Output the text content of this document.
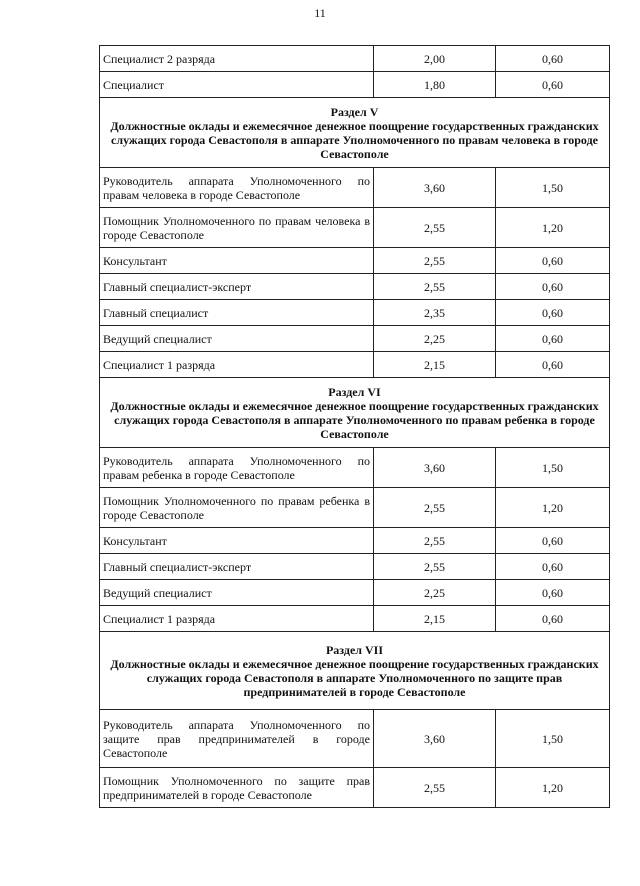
11
Специалист 2 разряда	2,00	0,60
Специалист	1,80	0,60

Раздел V
Должностные оклады и ежемесячное денежное поощрение государственных гражданских служащих города Севастополя в аппарате Уполномоченного по правам человека в городе Севастополе		

Руководитель аппарата Уполномоченного по правам человека в городе Севастополе	3,60	1,50
Помощник Уполномоченного по правам человека в городе Севастополе	2,55	1,20
Консультант	2,55	0,60
Главный специалист-эксперт	2,55	0,60
Главный специалист	2,35	0,60
Ведущий специалист	2,25	0,60
Специалист 1 разряда	2,15	0,60

Раздел VI
Должностные оклады и ежемесячное денежное поощрение государственных гражданских служащих города Севастополя в аппарате Уполномоченного по правам ребенка в городе Севастополе		

Руководитель аппарата Уполномоченного по правам ребенка в городе Севастополе	3,60	1,50
Помощник Уполномоченного по правам ребенка в городе Севастополе	2,55	1,20
Консультант	2,55	0,60
Главный специалист-эксперт	2,55	0,60
Ведущий специалист	2,25	0,60
Специалист 1 разряда	2,15	0,60

Раздел VII
Должностные оклады и ежемесячное денежное поощрение государственных гражданских служащих города Севастополя в аппарате Уполномоченного по защите прав предпринимателей в городе Севастополе		

Руководитель аппарата Уполномоченного по защите прав предпринимателей в городе Севастополе	3,60	1,50
Помощник Уполномоченного по защите прав предпринимателей в городе Севастополе	2,55	1,20
